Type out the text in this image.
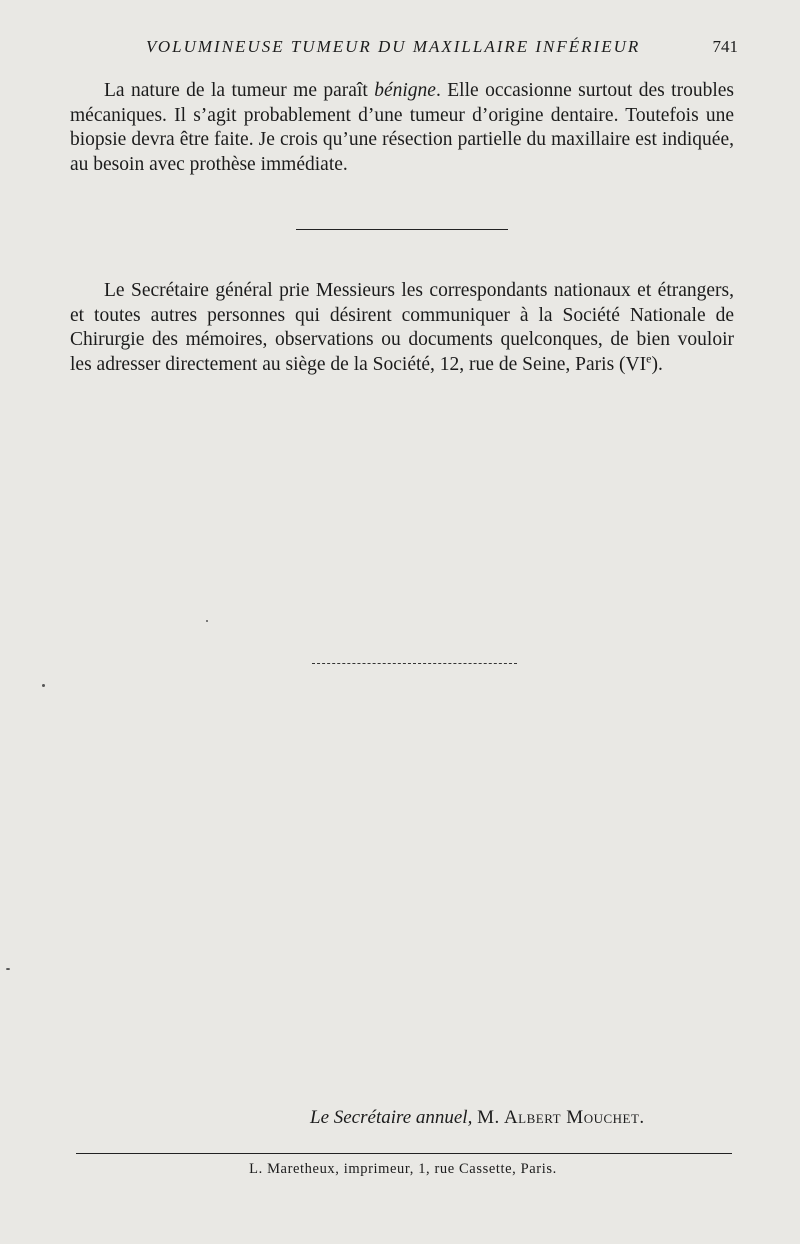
VOLUMINEUSE TUMEUR DU MAXILLAIRE INFÉRIEUR	741

La nature de la tumeur me paraît bénigne. Elle occasionne surtout des troubles mécaniques. Il s’agit probablement d’une tumeur d’origine dentaire. Toutefois une biopsie devra être faite. Je crois qu’une résection partielle du maxillaire est indiquée, au besoin avec prothèse immédiate.

Le Secrétaire général prie Messieurs les correspondants nationaux et étrangers, et toutes autres personnes qui désirent communiquer à la Société Nationale de Chirurgie des mémoires, observations ou documents quelconques, de bien vouloir les adresser directement au siège de la Société, 12, rue de Seine, Paris (VIe).

Le Secrétaire annuel, M. Albert Mouchet.
L. Maretheux, imprimeur, 1, rue Cassette, Paris.
